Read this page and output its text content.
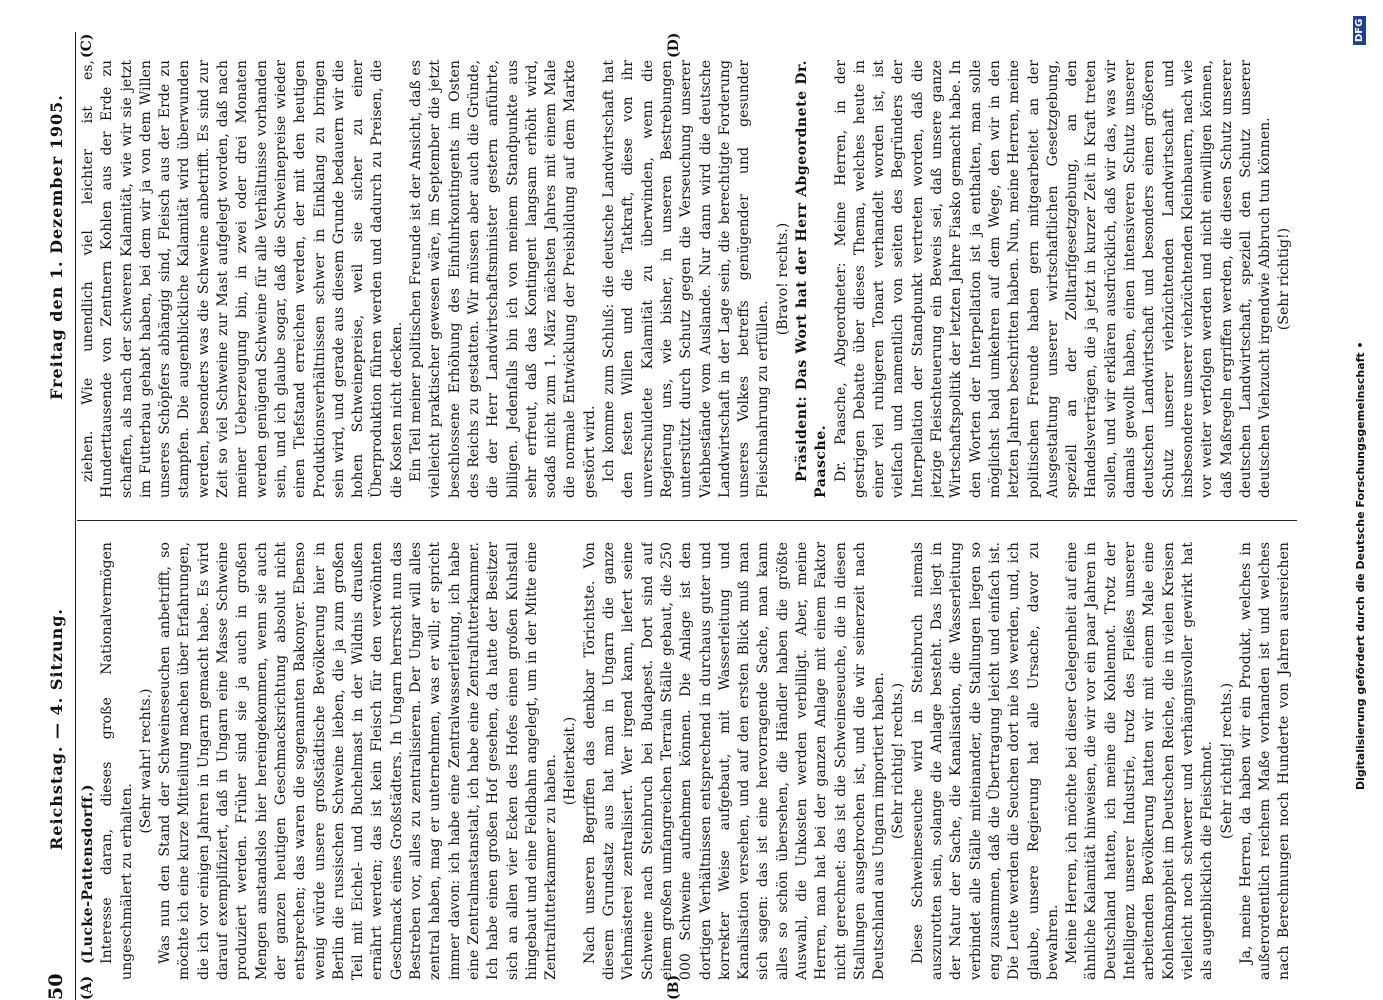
50
Reichstag. — 4. Sitzung.
Freitag den 1. Dezember 1905.
(A)	(B)
(C)	(D)

(Lucke-Pattensdorff.) Interesse daran, dieses große Nationalvermögen ungeschmälert zu erhalten.

(Sehr wahr! rechts.) Was nun den Stand der Schweineseuchen anbetrifft, so möchte ich eine kurze Mitteilung machen über Erfahrungen, die ich vor einigen Jahren in Ungarn gemacht habe. Es wird darauf exemplifiziert, daß in Ungarn eine Masse Schweine produziert werden. Früher sind sie ja auch in großen Mengen anstandslos hier hereingekommen, wenn sie auch der ganzen heutigen Geschmacksrichtung absolut nicht entsprechen; das waren die sogenannten Bakonyer. Ebenso wenig würde unsere großstädtische Bevölkerung hier in Berlin die russischen Schweine lieben, die ja zum großen Teil mit Eichel- und Buchelmast in der Wildnis draußen ernährt werden; das ist kein Fleisch für den verwöhnten Geschmack eines Großstädters. In Ungarn herrscht nun das Bestreben vor, alles zu zentralisieren. Der Ungar will alles zentral haben, mag er unternehmen, was er will; er spricht immer davon: ich habe eine Zentralwasserleitung, ich habe eine Zentralmastanstalt, ich habe eine Zentralfutterkammer. Ich habe einen großen Hof gesehen, da hatte der Besitzer sich an allen vier Ecken des Hofes einen großen Kuhstall hingebaut und eine Feldbahn angelegt, um in der Mitte eine Zentralfutterkammer zu haben. (Heiterkeit.) Nach unseren Begriffen das denkbar Törichtste. Von diesem Grundsatz aus hat man in Ungarn die ganze Viehmästerei zentralisiert. Wer irgend kann, liefert seine Schweine nach Steinbruch bei Budapest. Dort sind auf einem großen umfangreichen Terrain Ställe gebaut, die 250 000 Schweine aufnehmen können. Die Anlage ist den dortigen Verhältnissen entsprechend in durchaus guter und korrekter Weise aufgebaut, mit Wasserleitung und Kanalisation versehen, und auf den ersten Blick muß man sich sagen: das ist eine hervorragende Sache, man kann alles so schön übersehen, die Händler haben die größte Auswahl, die Unkosten werden verbilligt. Aber, meine Herren, man hat bei der ganzen Anlage mit einem Faktor nicht gerechnet: das ist die Schweineseuche, die in diesen Stallungen ausgebrochen ist, und die wir seinerzeit nach Deutschland aus Ungarn importiert haben. (Sehr richtig! rechts.) Diese Schweineseuche wird in Steinbruch niemals auszurotten sein, solange die Anlage besteht. Das liegt in der Natur der Sache, die Kanalisation, die Wasserleitung verbindet alle Ställe miteinander, die Stallungen liegen so eng zusammen, daß die Übertragung leicht und einfach ist. Die Leute werden die Seuchen dort nie los werden, und, ich glaube, unsere Regierung hat alle Ursache, davor zu bewahren. Meine Herren, ich möchte bei dieser Gelegenheit auf eine ähnliche Kalamität hinweisen, die wir vor ein paar Jahren in Deutschland hatten, ich meine die Kohlennot. Trotz der Intelligenz unserer Industrie, trotz des Fleißes unserer arbeitenden Bevölkerung hatten wir mit einem Male eine Kohlenknappheit im Deutschen Reiche, die in vielen Kreisen vielleicht noch schwerer und verhängnisvoller gewirkt hat als augenblicklich die Fleischnot. (Sehr richtig! rechts.)

Ja, meine Herren, da haben wir ein Produkt, welches in außerordentlich reichem Maße vorhanden ist und welches nach Berechnungen noch Hunderte von Jahren ausreichen

ziehen. Wie unendlich viel leichter ist es, Hunderttausende von Zentnern Kohlen aus der Erde zu schaffen, als nach der schweren Kalamität, wie wir sie jetzt im Futterbau gehabt haben, bei dem wir ja von dem Willen unseres Schöpfers abhängig sind, Fleisch aus der Erde zu stampfen. Die augenblickliche Kalamität wird überwunden werden, besonders was die Schweine anbetrifft. Es sind zur Zeit so viel Schweine zur Mast aufgelegt worden, daß nach meiner Ueberzeugung bin, in zwei oder drei Monaten werden genügend Schweine für alle Verhältnisse vorhanden sein, und ich glaube sogar, daß die Schweinepreise wieder einen Tiefstand erreichen werden, der mit den heutigen Produktionsverhältnissen schwer in Einklang zu bringen sein wird, und gerade aus diesem Grunde bedauern wir die hohen Schweinepreise, weil sie sicher zu einer Überproduktion führen werden und dadurch zu Preisen, die die Kosten nicht decken. Ein Teil meiner politischen Freunde ist der Ansicht, daß es vielleicht praktischer gewesen wäre, im September die jetzt beschlossene Erhöhung des Einfuhrkontingents im Osten des Reichs zu gestatten. Wir müssen aber auch die Gründe, die der Herr Landwirtschaftsminister gestern anführte, billigen. Jedenfalls bin ich von meinem Standpunkte aus sehr erfreut, daß das Kontingent langsam erhöht wird, sodaß nicht zum 1. März nächsten Jahres mit einem Male die normale Entwicklung der Preisbildung auf dem Markte gestört wird. Ich komme zum Schluß: die deutsche Landwirtschaft hat den festen Willen und die Tatkraft, diese von ihr unverschuldete Kalamität zu überwinden, wenn die Regierung uns, wie bisher, in unseren Bestrebungen unterstützt durch Schutz gegen die Verseuchung unserer Viehbestände vom Auslande. Nur dann wird die deutsche Landwirtschaft in der Lage sein, die berechtigte Forderung unseres Volkes betreffs genügender und gesunder Fleischnahrung zu erfüllen.

(Bravo! rechts.) Präsident: Das Wort hat der Herr Abgeordnete Dr. Paasche. Dr. Paasche, Abgeordneter: Meine Herren, in der gestrigen Debatte über dieses Thema, welches heute in einer viel ruhigeren Tonart verhandelt worden ist, ist vielfach und namentlich von seiten des Begründers der Interpellation der Standpunkt vertreten worden, daß die jetzige Fleischteuerung ein Beweis sei, daß unsere ganze Wirtschaftspolitik der letzten Jahre Fiasko gemacht habe. In den Worten der Interpellation ist ja enthalten, man solle möglichst bald umkehren auf dem Wege, den wir in den letzten Jahren beschritten haben. Nun, meine Herren, meine politischen Freunde haben gern mitgearbeitet an der Ausgestaltung unserer wirtschaftlichen Gesetzgebung, speziell an der Zolltarifgesetzgebung, an den Handelsverträgen, die ja jetzt in kurzer Zeit in Kraft treten sollen, und wir erklären ausdrücklich, daß wir das, was wir damals gewollt haben, einen intensiveren Schutz unserer deutschen Landwirtschaft und besonders einen größeren Schutz unserer viehzüchtenden Landwirtschaft und insbesondere unserer viehzüchtenden Kleinbauern, nach wie vor weiter verfolgen werden und nicht einwilligen können, daß Maßregeln ergriffen werden, die diesen Schutz unserer deutschen Landwirtschaft, speziell den Schutz unserer deutschen Viehzucht irgendwie Abbruch tun können. (Sehr richtig!)

Digitalisierung gefördert durch die Deutsche Forschungsgemeinschaft •
DFG
